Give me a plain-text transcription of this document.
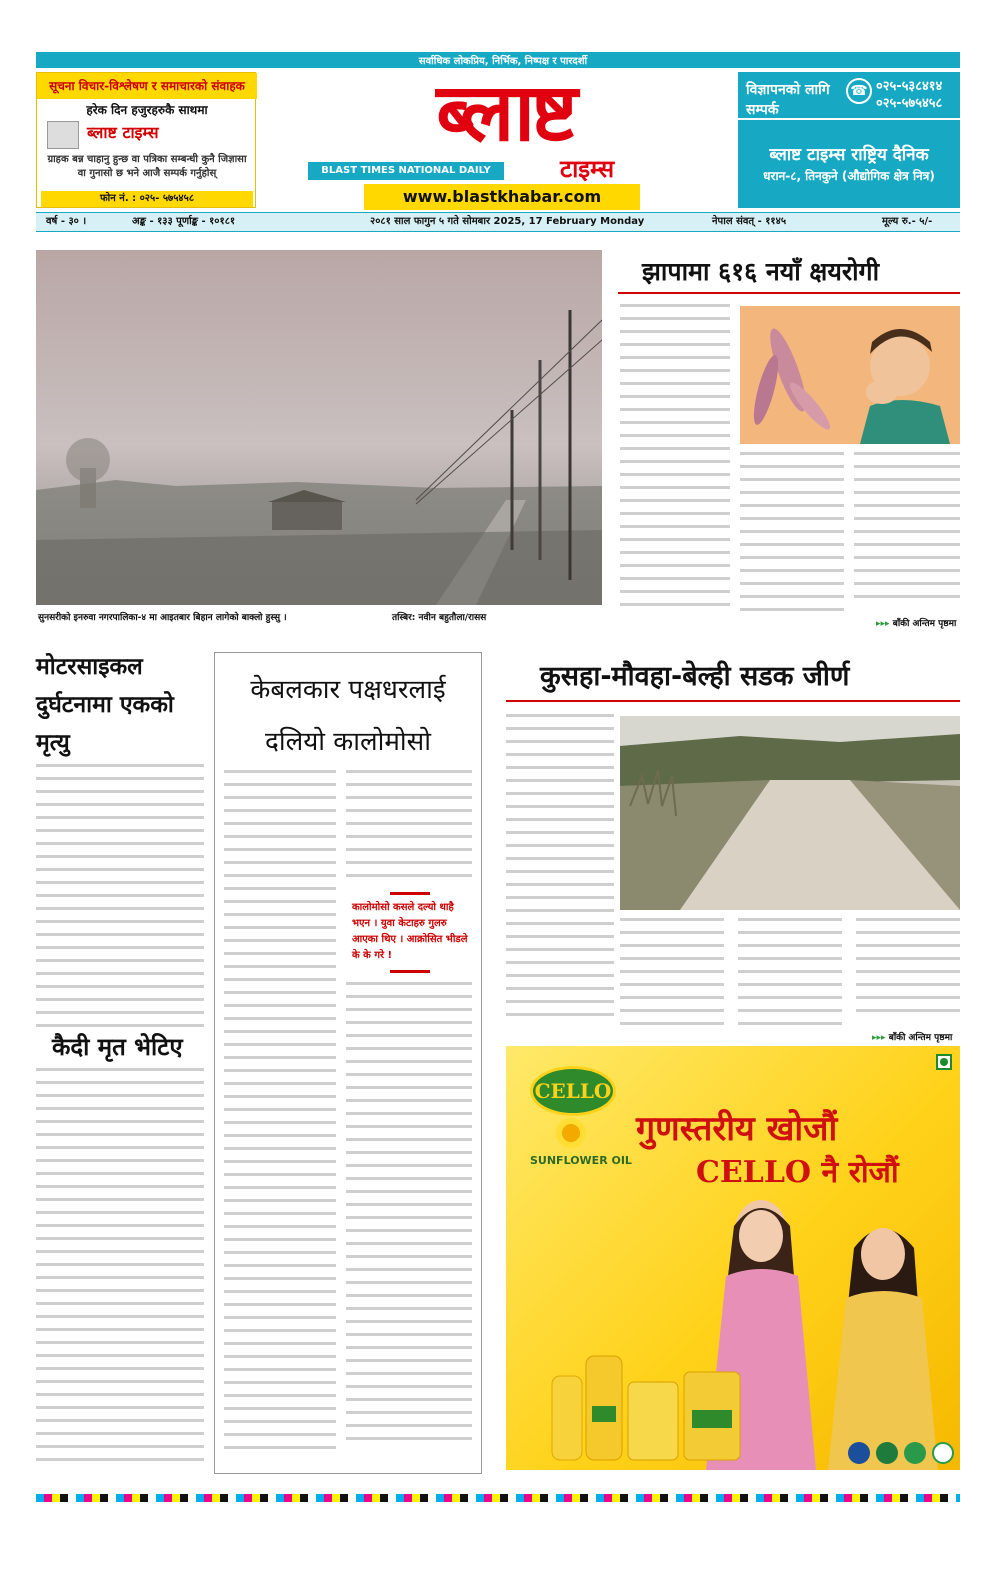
सर्वाधिक लोकप्रिय, निर्भिक, निष्पक्ष र पारदर्शी
सूचना विचार-विश्लेषण र समाचारको संवाहक
हरेक दिन हजुरहरुकै साथमा
ब्लाष्ट टाइम्स
ग्राहक बन्न चाहानु हुन्छ वा पत्रिका सम्बन्धी कुनै जिज्ञासा वा गुनासो छ भने आजै सम्पर्क गर्नुहोस्
फोन नं. : ०२५- ५७५४५८
ब्लाष्ट
टाइम्स
BLAST TIMES NATIONAL DAILY
www.blastkhabar.com
विज्ञापनको लागि सम्पर्क
☎ ०२५-५३८४१४
०२५-५७५४५८
ब्लाष्ट टाइम्स राष्ट्रिय दैनिक
धरान-८, तिनकुने (औद्योगिक क्षेत्र नित्र)
वर्ष - ३० ।	अङ्क - १३३ पूर्णाङ्क - १०१८१	२०८१ साल फागुन ५ गते सोमबार 2025, 17 February Monday	नेपाल संवत् - ११४५	मूल्य रु.- ५/-
सुनसरीको इनरुवा नगरपालिका-४ मा आइतबार बिहान लागेको बाक्लो हुस्सु ।	तस्बिर: नवीन बहुतौला/रासस
झापामा ६१६ नयाँ क्षयरोगी
▸▸▸ बाँकी अन्तिम पृष्ठमा
मोटरसाइकल दुर्घटनामा एकको मृत्यु
कैदी मृत भेटिए
केबलकार पक्षधरलाई दलियो कालोमोसो
कालोमोसो कसले दल्यो थाहै भएन । युवा केटाहरु गुलरु आएका थिए । आक्रोसित भीडले के के गरे !
कुसहा-मौवहा-बेल्ही सडक जीर्ण
▸▸▸ बाँकी अन्तिम पृष्ठमा
CELLO
SUNFLOWER OIL
गुणस्तरीय खोजौं
CELLO नै रोजौं
